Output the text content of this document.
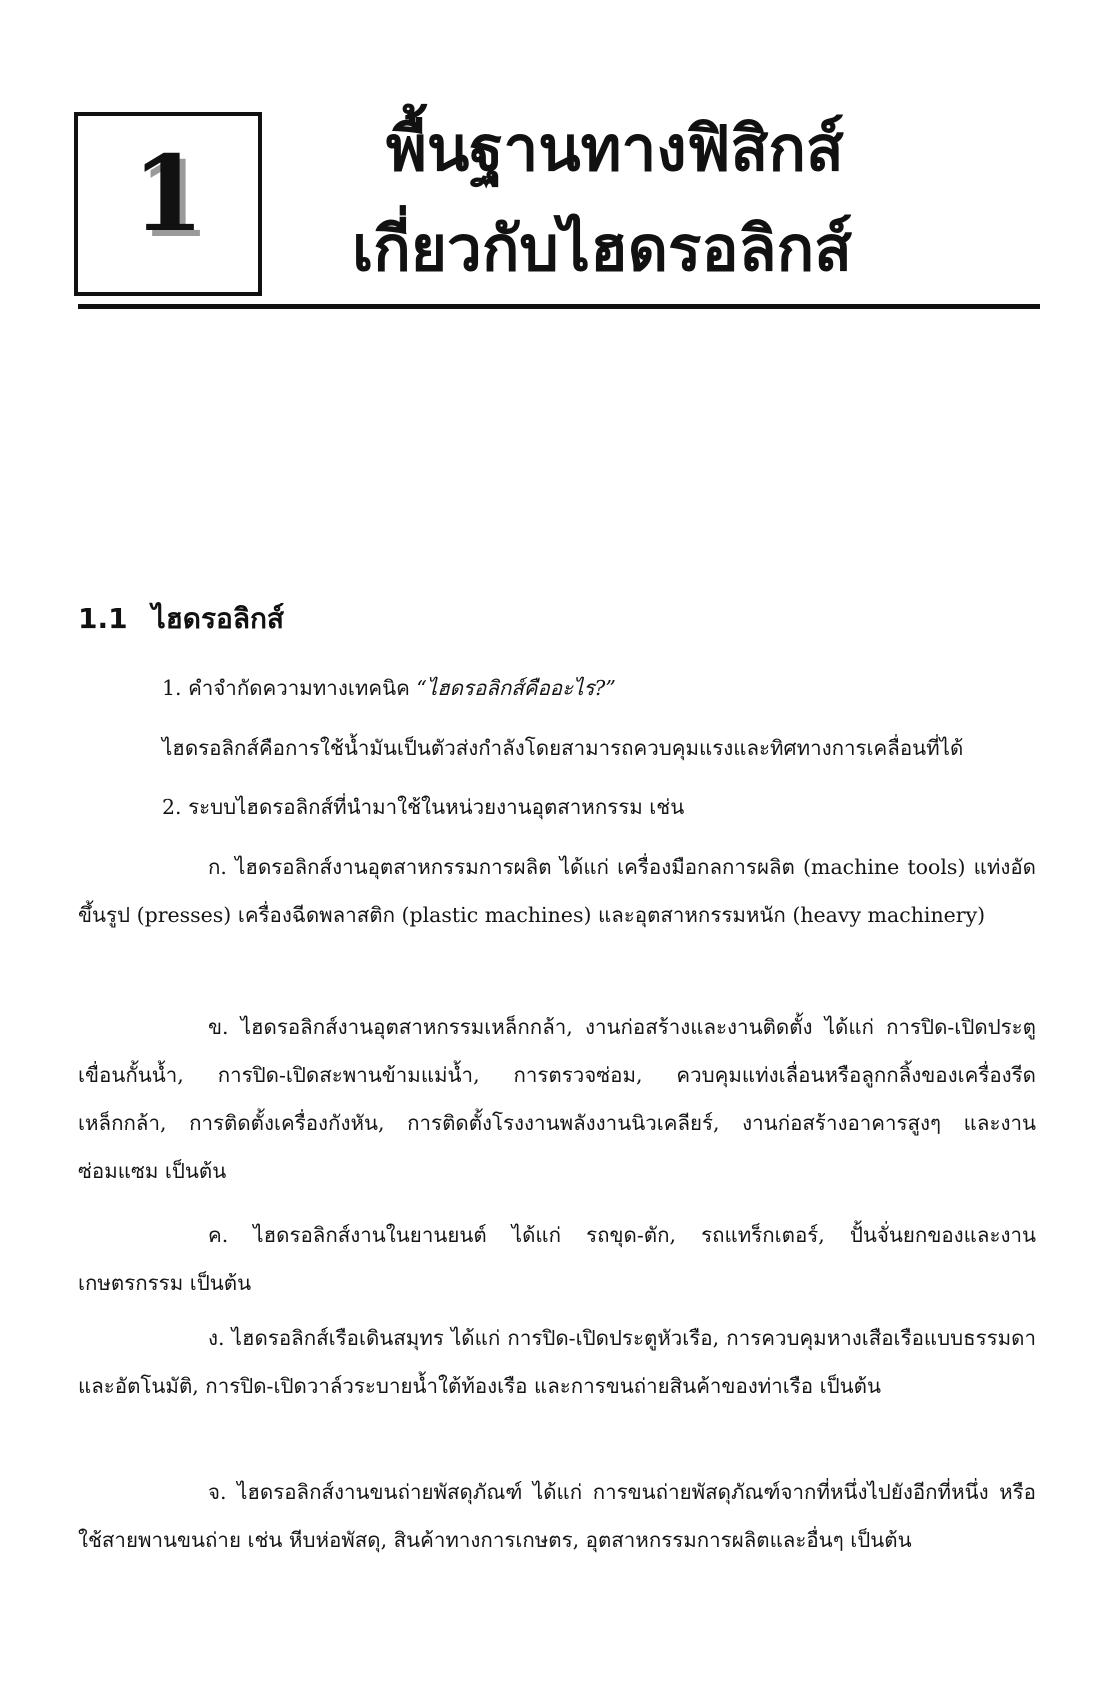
1	พื้นฐานทางฟิสิกส์
เกี่ยวกับไฮดรอลิกส์
1.1 ไฮดรอลิกส์

1. คำจำกัดความทางเทคนิค “ไฮดรอลิกส์คืออะไร?”

ไฮดรอลิกส์คือการใช้น้ำมันเป็นตัวส่งกำลังโดยสามารถควบคุมแรงและทิศทางการเคลื่อนที่ได้

2. ระบบไฮดรอลิกส์ที่นำมาใช้ในหน่วยงานอุตสาหกรรม เช่น

ก. ไฮดรอลิกส์งานอุตสาหกรรมการผลิต ได้แก่ เครื่องมือกลการผลิต (machine tools) แท่งอัดขึ้นรูป (presses) เครื่องฉีดพลาสติก (plastic machines) และอุตสาหกรรมหนัก (heavy machinery)

ข. ไฮดรอลิกส์งานอุตสาหกรรมเหล็กกล้า, งานก่อสร้างและงานติดตั้ง ได้แก่ การปิด-เปิดประตูเขื่อนกั้นน้ำ, การปิด-เปิดสะพานข้ามแม่น้ำ, การตรวจซ่อม, ควบคุมแท่งเลื่อนหรือลูกกลิ้งของเครื่องรีดเหล็กกล้า, การติดตั้งเครื่องกังหัน, การติดตั้งโรงงานพลังงานนิวเคลียร์, งานก่อสร้างอาคารสูงๆ และงานซ่อมแซม เป็นต้น

ค. ไฮดรอลิกส์งานในยานยนต์ ได้แก่ รถขุด-ตัก, รถแทร็กเตอร์, ปั้นจั่นยกของและงานเกษตรกรรม เป็นต้น

ง. ไฮดรอลิกส์เรือเดินสมุทร ได้แก่ การปิด-เปิดประตูหัวเรือ, การควบคุมหางเสือเรือแบบธรรมดาและอัตโนมัติ, การปิด-เปิดวาล์วระบายน้ำใต้ท้องเรือ และการขนถ่ายสินค้าของท่าเรือ เป็นต้น

จ. ไฮดรอลิกส์งานขนถ่ายพัสดุภัณฑ์ ได้แก่ การขนถ่ายพัสดุภัณฑ์จากที่หนึ่งไปยังอีกที่หนึ่ง หรือใช้สายพานขนถ่าย เช่น หีบห่อพัสดุ, สินค้าทางการเกษตร, อุตสาหกรรมการผลิตและอื่นๆ เป็นต้น
